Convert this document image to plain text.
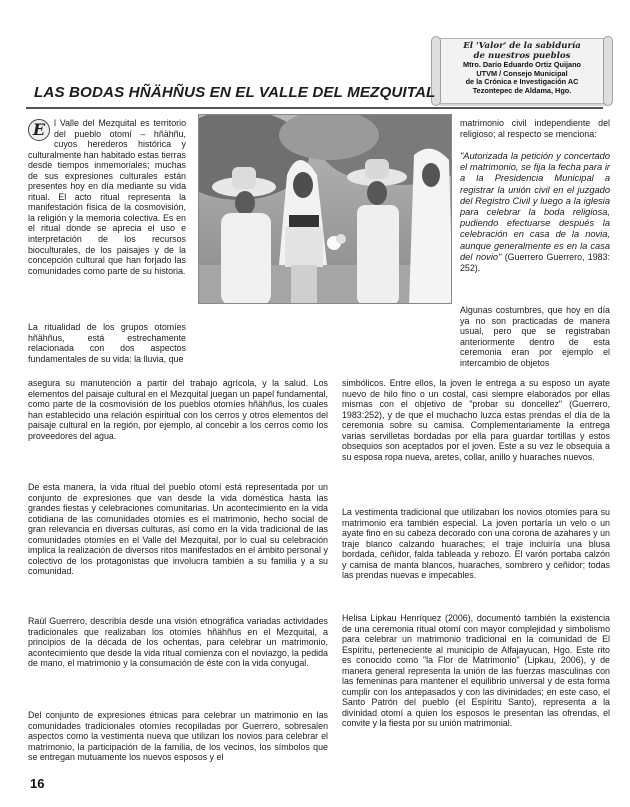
El 'Valor' de la sabiduría
de nuestros pueblos
Mtro. Darío Eduardo Ortiz Quijano
UTVM / Consejo Municipal
de la Crónica e Investigación AC
Tezontepec de Aldama, Hgo.
LAS BODAS HÑÄHÑUS EN EL VALLE DEL MEZQUITAL
E	l Valle del Mezquital es territorio del pueblo otomí – hñähñu, cuyos herederos histórica y culturalmente han habitado estas tierras desde tiempos inmemoriales; muchas de sus expresiones culturales están presentes hoy en día mediante su vida ritual. El acto ritual representa la manifestación física de la cosmovisión, la religión y la memoria colectiva. Es en el ritual donde se aprecia el uso e interpretación de los recursos bioculturales, de los paisajes y de la concepción cultural que han forjado las comunidades como parte de su historia.
La ritualidad de los grupos otomíes hñähñus, está estrechamente relacionada con dos aspectos fundamentales de su vida: la lluvia, que
matrimonio civil independiente del religioso; al respecto se menciona:
"Autorizada la petición y concertado el matrimonio, se fija la fecha para ir a la Presidencia Municipal a registrar la unión civil en el juzgado del Registro Civil y luego a la iglesia para celebrar la boda religiosa, pudiendo efectuarse después la celebración en casa de la novia, aunque generalmente es en la casa del novio" (Guerrero Guerrero, 1983: 252).
Algunas costumbres, que hoy en día ya no son practicadas de manera usual, pero que se registraban anteriormente dentro de esta ceremonia eran por ejemplo el intercambio de objetos
asegura su manutención a partir del trabajo agrícola, y la salud. Los elementos del paisaje cultural en el Mezquital juegan un papel fundamental, como parte de la cosmovisión de los pueblos otomíes hñähñus, los cuales han establecido una relación espiritual con los cerros y otros elementos del paisaje cultural en la región, por ejemplo, al concebir a los cerros como los proveedores del agua.
De esta manera, la vida ritual del pueblo otomí está representada por un conjunto de expresiones que van desde la vida doméstica hasta las grandes fiestas y celebraciones comunitarias. Un acontecimiento en la vida cotidiana de las comunidades otomíes es el matrimonio, hecho social de gran relevancia en diversas culturas, así como en la vida tradicional de las comunidades otomíes en el Valle del Mezquital, por lo cual su celebración implica la realización de diversos ritos manifestados en el ámbito personal y colectivo de los protagonistas que involucra también a su familia y a su comunidad.
Raúl Guerrero, describía desde una visión etnográfica variadas actividades tradicionales que realizaban los otomíes hñähñus en el Mezquital, a principios de la década de los ochentas, para celebrar un matrimonio, acontecimiento que desde la vida ritual comienza con el noviazgo, la pedida de mano, el matrimonio y la consumación de éste con la vida conyugal.
Del conjunto de expresiones étnicas para celebrar un matrimonio en las comunidades tradicionales otomíes recopiladas por Guerrero, sobresalen aspectos como la vestimenta nueva que utilizan los novios para celebrar el matrimonio, la participación de la familia, de los vecinos, los símbolos que se entregan mutuamente los nuevos esposos y el
simbólicos. Entre ellos, la joven le entrega a su esposo un ayate nuevo de hilo fino o un costal, casi siempre elaborados por ellas mismas con el objetivo de "probar su doncellez" (Guerrero, 1983:252), y de que el muchacho luzca estas prendas el día de la ceremonia sobre su camisa. Complementariamente la entrega varias servilletas bordadas por ella para guardar tortillas y estos obsequios son aceptados por el joven. Este a su vez le obsequia a su esposa ropa nueva, aretes, collar, anillo y huaraches nuevos.
La vestimenta tradicional que utilizaban los novios otomíes para su matrimonio era también especial. La joven portaría un velo o un ayate fino en su cabeza decorado con una corona de azahares y un traje blanco calzando huaraches; el traje incluiría una blusa bordada, ceñidor, falda tableada y rebozo. El varón portaba calzón y camisa de manta blancos, huaraches, sombrero y ceñidor; todas las prendas nuevas e impecables.
Helisa Lipkau Henríquez (2006), documentó también la existencia de una ceremonia ritual otomí con mayor complejidad y simbolismo para celebrar un matrimonio tradicional en la comunidad de El Espíritu, perteneciente al municipio de Alfajayucan, Hgo. Este rito es conocido como "la Flor de Matrimonio" (Lipkau, 2006), y de manera general representa la unión de las fuerzas masculinas con las femeninas para mantener el equilibrio universal y de esta forma cumplir con los antepasados y con las divinidades; en este caso, el Santo Patrón del pueblo (el Espíritu Santo), representa a la divinidad otomí a quien los esposos le presentan las ofrendas, el convite y la fiesta por su unión matrimonial.
16
